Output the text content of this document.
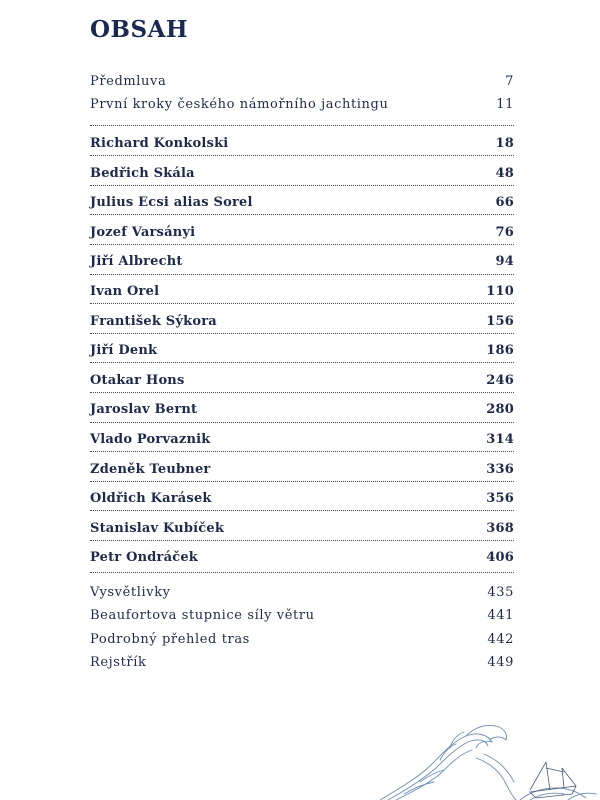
OBSAH
Předmluva	7
První kroky českého námořního jachtingu	11
Richard Konkolski	18
Bedřich Skála	48
Julius Ecsi alias Sorel	66
Jozef Varsányi	76
Jiří Albrecht	94
Ivan Orel	110
František Sýkora	156
Jiří Denk	186
Otakar Hons	246
Jaroslav Bernt	280
Vlado Porvaznik	314
Zdeněk Teubner	336
Oldřich Karásek	356
Stanislav Kubíček	368
Petr Ondráček	406
Vysvětlivky	435
Beaufortova stupnice síly větru	441
Podrobný přehled tras	442
Rejstřík	449
